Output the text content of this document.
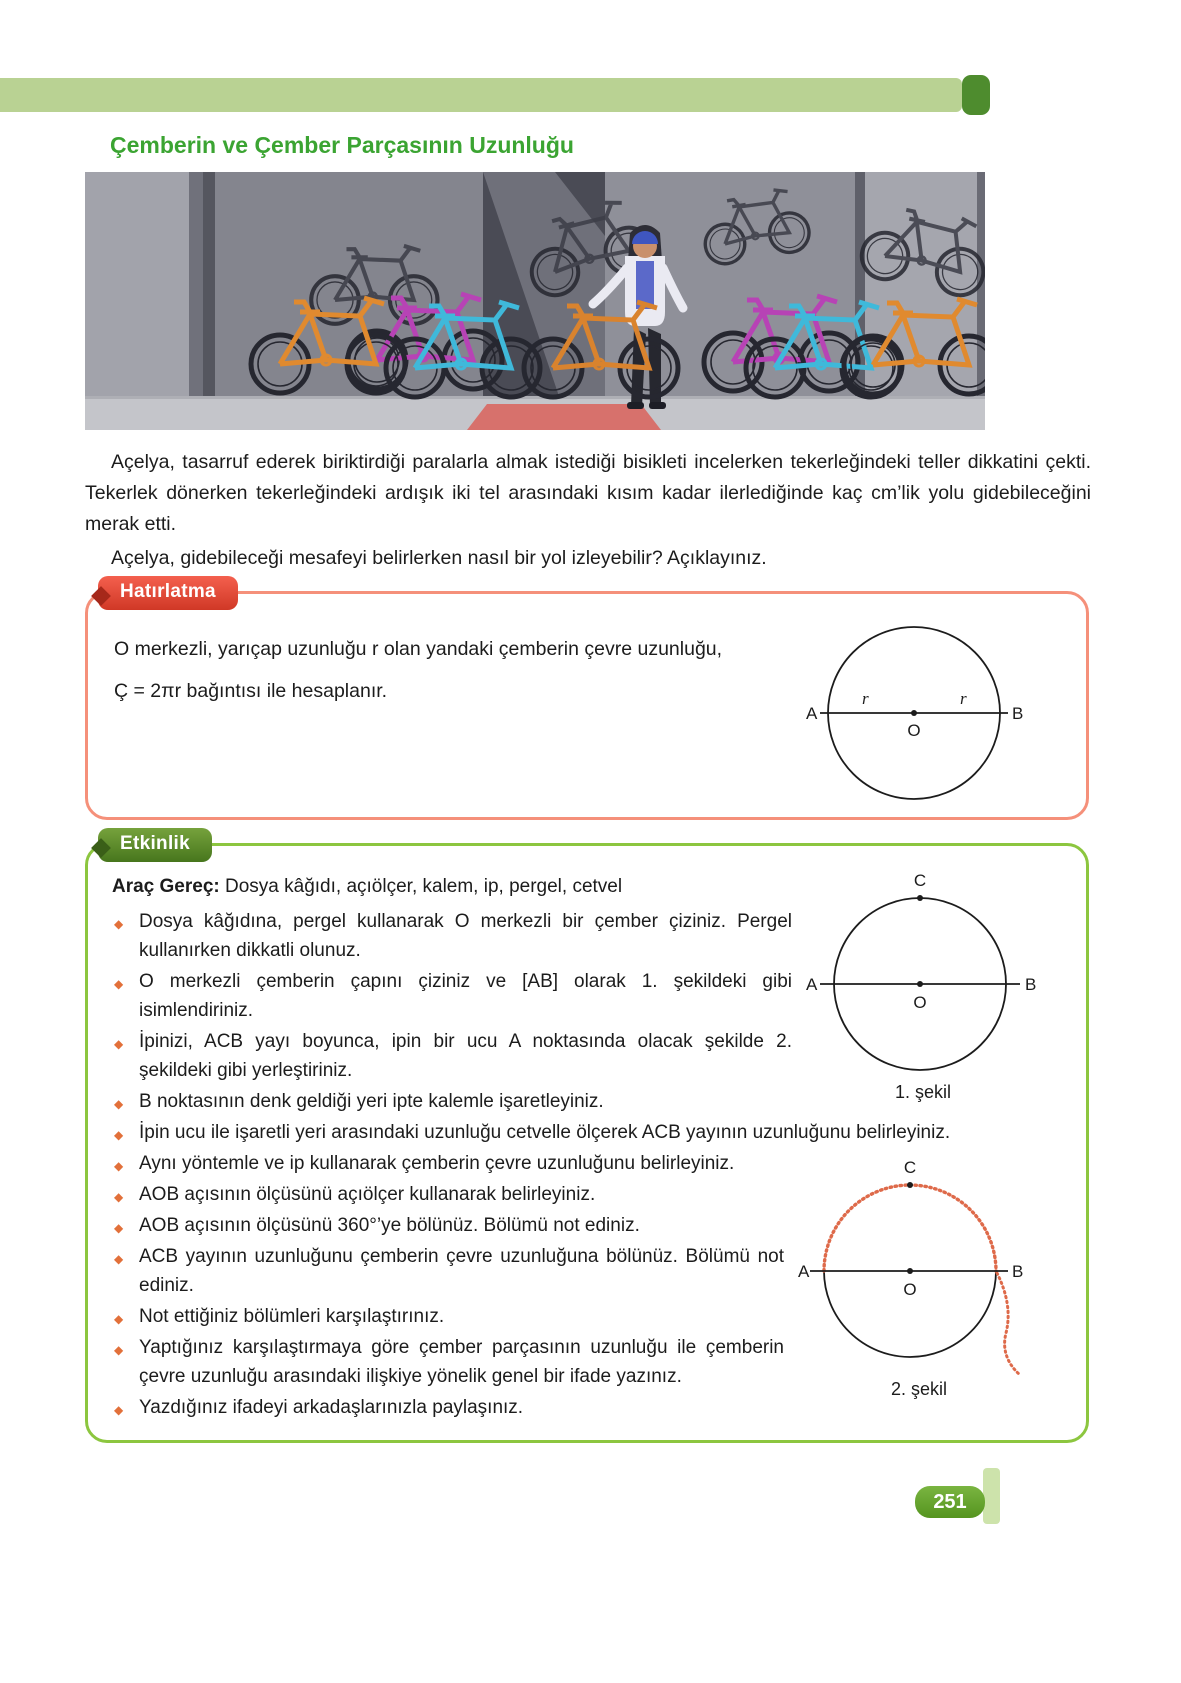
Çemberin ve Çember Parçasının Uzunluğu

Açelya, tasarruf ederek biriktirdiği paralarla almak istediği bisikleti incelerken tekerleğindeki teller dikkatini çekti. Tekerlek dönerken tekerleğindeki ardışık iki tel arasındaki kısım kadar ilerlediğinde kaç cm’lik yolu gidebileceğini merak etti.

Açelya, gidebileceği mesafeyi belirlerken nasıl bir yol izleyebilir? Açıklayınız.

Hatırlatma
O merkezli, yarıçap uzunluğu r olan yandaki çemberin çevre uzunluğu,
Ç = 2πr bağıntısı ile hesaplanır.
A	B
r	r
O
Etkinlik
C
A	B
O
1. şekil

Araç Gereç: Dosya kâğıdı, açıölçer, kalem, ip, pergel, cetvel

◆
Dosya kâğıdına, pergel kullanarak O merkezli bir çember çiziniz. Pergel kullanırken dikkatli olunuz.
◆
O merkezli çemberin çapını çiziniz ve [AB] olarak 1. şekildeki gibi isimlendiriniz.
◆
İpinizi, ACB yayı boyunca, ipin bir ucu A noktasında olacak şekilde 2. şekildeki gibi yerleştiriniz.
◆
B noktasının denk geldiği yeri ipte kalemle işaretleyiniz.
◆
İpin ucu ile işaretli yeri arasındaki uzunluğu cetvelle ölçerek ACB yayının uzunluğunu belirleyiniz.
C
A	B
O
2. şekil
◆
Aynı yöntemle ve ip kullanarak çemberin çevre uzunluğunu belirleyiniz.
◆
AOB açısının ölçüsünü açıölçer kullanarak belirleyiniz.
◆
AOB açısının ölçüsünü 360°’ye bölünüz. Bölümü not ediniz.
◆
ACB yayının uzunluğunu çemberin çevre uzunluğuna bölünüz. Bölümü not ediniz.
◆
Not ettiğiniz bölümleri karşılaştırınız.
◆
Yaptığınız karşılaştırmaya göre çember parçasının uzunluğu ile çemberin çevre uzunluğu arasındaki ilişkiye yönelik genel bir ifade yazınız.
◆
Yazdığınız ifadeyi arkadaşlarınızla paylaşınız.
251
